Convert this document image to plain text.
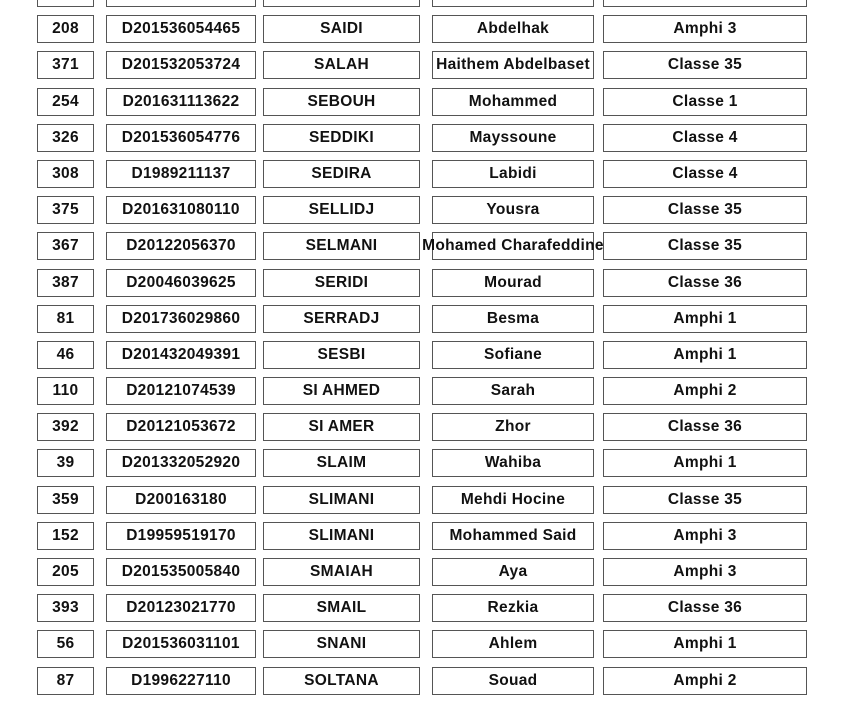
208	D201536054465	SAIDI	Abdelhak	Amphi 3
371	D201532053724	SALAH	Haithem Abdelbaset	Classe 35
254	D201631113622	SEBOUH	Mohammed	Classe 1
326	D201536054776	SEDDIKI	Mayssoune	Classe 4
308	D1989211137	SEDIRA	Labidi	Classe 4
375	D201631080110	SELLIDJ	Yousra	Classe 35
367	D20122056370	SELMANI	Mohamed Charafeddine	Classe 35
387	D20046039625	SERIDI	Mourad	Classe 36
81	D201736029860	SERRADJ	Besma	Amphi 1
46	D201432049391	SESBI	Sofiane	Amphi 1
110	D20121074539	SI AHMED	Sarah	Amphi 2
392	D20121053672	SI AMER	Zhor	Classe 36
39	D201332052920	SLAIM	Wahiba	Amphi 1
359	D200163180	SLIMANI	Mehdi Hocine	Classe 35
152	D19959519170	SLIMANI	Mohammed Said	Amphi 3
205	D201535005840	SMAIAH	Aya	Amphi 3
393	D20123021770	SMAIL	Rezkia	Classe 36
56	D201536031101	SNANI	Ahlem	Amphi 1
87	D1996227110	SOLTANA	Souad	Amphi 2
